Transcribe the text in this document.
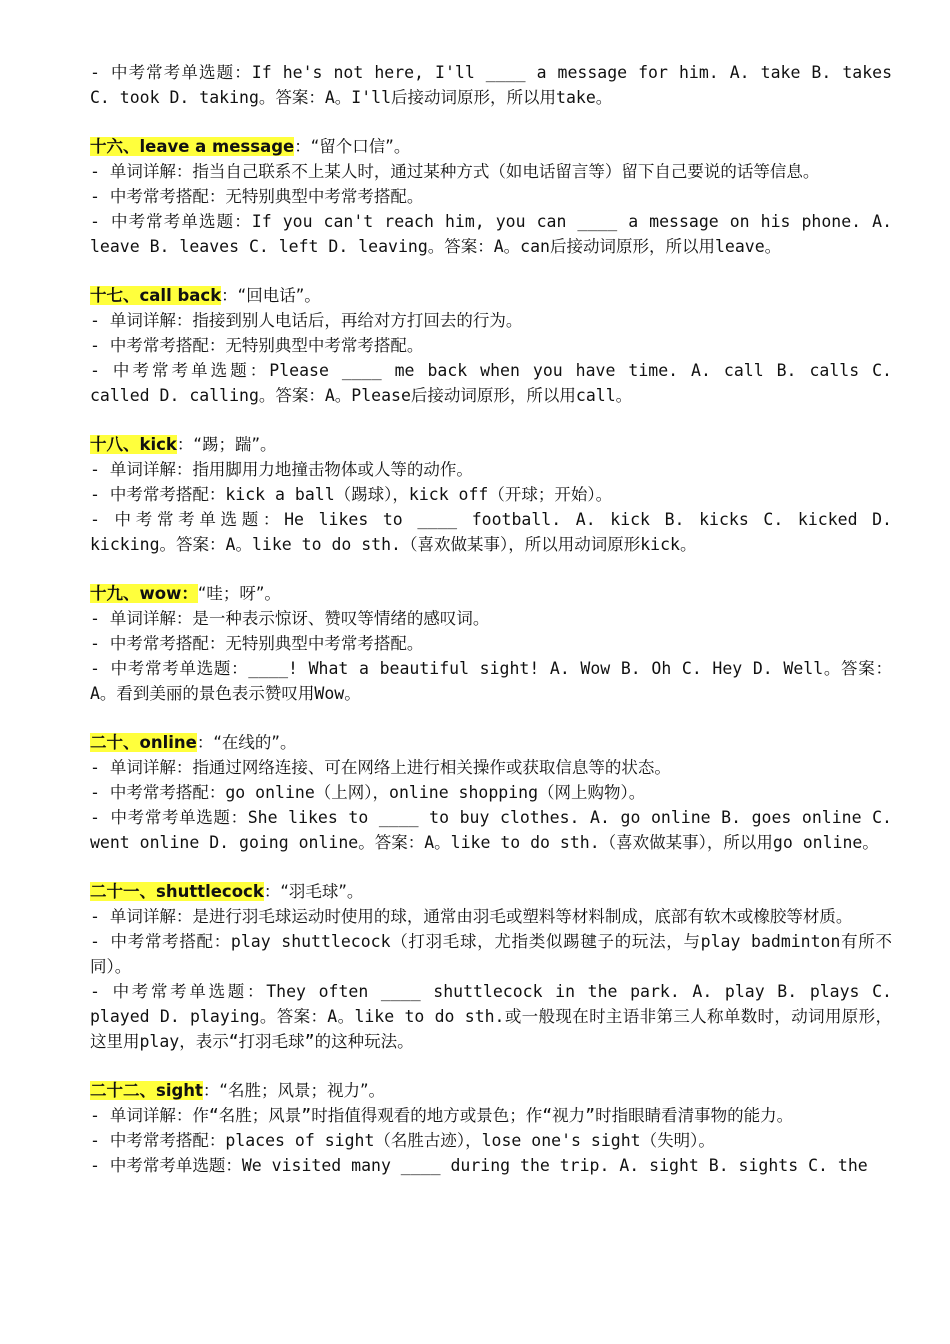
- 中考常考单选题：If he's not here, I'll ____ a message for him. A. take B. takes C. took D. taking。答案：A。I'll后接动词原形，所以用take。

十六、leave a message：“留个口信”。

- 单词详解：指当自己联系不上某人时，通过某种方式（如电话留言等）留下自己要说的话等信息。

- 中考常考搭配：无特别典型中考常考搭配。

- 中考常考单选题：If you can't reach him, you can ____ a message on his phone. A. leave B. leaves C. left D. leaving。答案：A。can后接动词原形，所以用leave。

十七、call back：“回电话”。

- 单词详解：指接到别人电话后，再给对方打回去的行为。

- 中考常考搭配：无特别典型中考常考搭配。

- 中考常考单选题：Please ____ me back when you have time. A. call B. calls C. called D. calling。答案：A。Please后接动词原形，所以用call。

十八、kick：“踢；踹”。

- 单词详解：指用脚用力地撞击物体或人等的动作。

- 中考常考搭配：kick a ball（踢球），kick off（开球；开始）。

- 中考常考单选题：He likes to ____ football. A. kick B. kicks C. kicked D. kicking。答案：A。like to do sth.（喜欢做某事），所以用动词原形kick。

十九、wow：“哇；呀”。

- 单词详解：是一种表示惊讶、赞叹等情绪的感叹词。

- 中考常考搭配：无特别典型中考常考搭配。

- 中考常考单选题：____! What a beautiful sight! A. Wow B. Oh C. Hey D. Well。答案：A。看到美丽的景色表示赞叹用Wow。

二十、online：“在线的”。

- 单词详解：指通过网络连接、可在网络上进行相关操作或获取信息等的状态。

- 中考常考搭配：go online（上网），online shopping（网上购物）。

- 中考常考单选题：She likes to ____ to buy clothes. A. go online B. goes online C. went online D. going online。答案：A。like to do sth.（喜欢做某事），所以用go online。

二十一、shuttlecock：“羽毛球”。

- 单词详解：是进行羽毛球运动时使用的球，通常由羽毛或塑料等材料制成，底部有软木或橡胶等材质。

- 中考常考搭配：play shuttlecock（打羽毛球，尤指类似踢毽子的玩法，与play badminton有所不同）。

- 中考常考单选题：They often ____ shuttlecock in the park. A. play B. plays C. played D. playing。答案：A。like to do sth.或一般现在时主语非第三人称单数时，动词用原形，这里用play，表示“打羽毛球”的这种玩法。

二十二、sight：“名胜；风景；视力”。

- 单词详解：作“名胜；风景”时指值得观看的地方或景色；作“视力”时指眼睛看清事物的能力。

- 中考常考搭配：places of sight（名胜古迹），lose one's sight（失明）。

- 中考常考单选题：We visited many ____ during the trip. A. sight B. sights C. the
